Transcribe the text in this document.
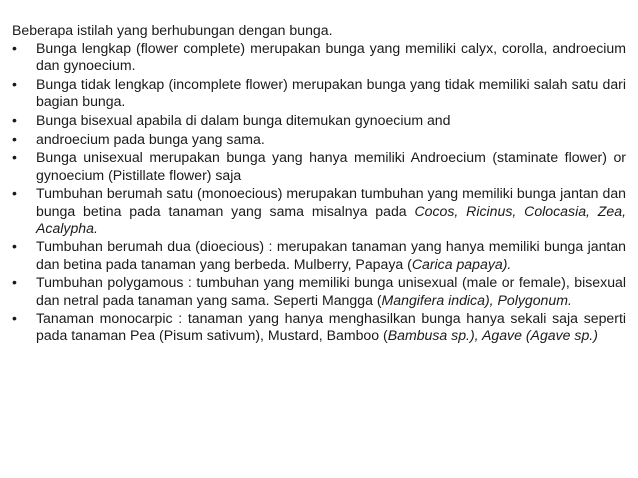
Beberapa istilah yang berhubungan dengan bunga.

• Bunga lengkap (flower complete) merupakan bunga yang memiliki calyx, corolla, androecium dan gynoecium.
• Bunga tidak lengkap (incomplete flower) merupakan bunga yang tidak memiliki salah satu dari bagian bunga.
• Bunga bisexual apabila di dalam bunga ditemukan gynoecium and
• androecium pada bunga yang sama.
• Bunga unisexual merupakan bunga yang hanya memiliki Androecium (staminate flower) or gynoecium (Pistillate flower) saja
• Tumbuhan berumah satu (monoecious) merupakan tumbuhan yang memiliki bunga jantan dan bunga betina pada tanaman yang sama misalnya pada Cocos, Ricinus, Colocasia, Zea, Acalypha.
• Tumbuhan berumah dua (dioecious) : merupakan tanaman yang hanya memiliki bunga jantan dan betina pada tanaman yang berbeda. Mulberry, Papaya (Carica papaya).
• Tumbuhan polygamous : tumbuhan yang memiliki bunga unisexual (male or female), bisexual dan netral pada tanaman yang sama. Seperti Mangga (Mangifera indica), Polygonum.
• Tanaman monocarpic : tanaman yang hanya menghasilkan bunga hanya sekali saja seperti pada tanaman Pea (Pisum sativum), Mustard, Bamboo (Bambusa sp.), Agave (Agave sp.)
